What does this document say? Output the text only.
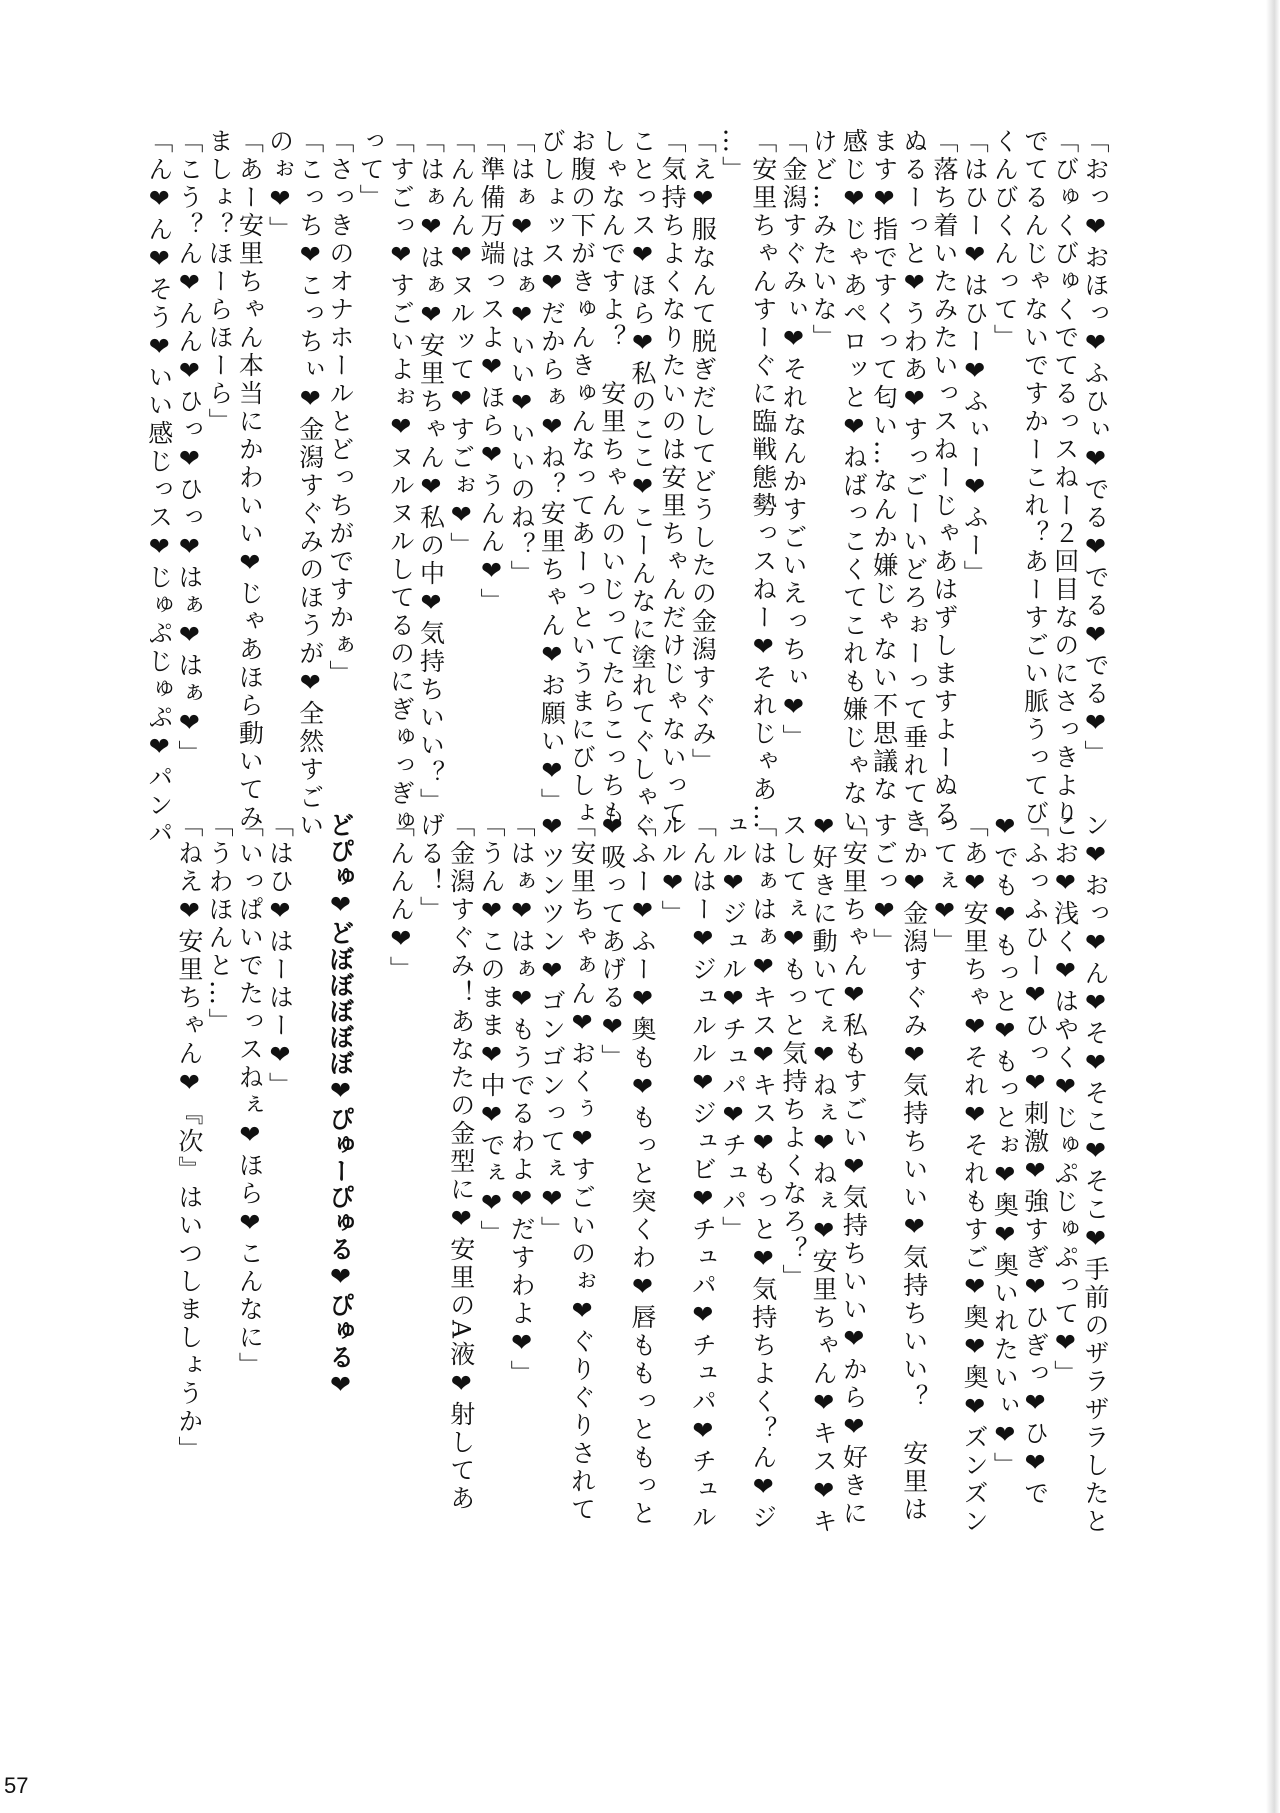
「おっ❤おほっ❤ふひぃ❤でる❤でる❤でる❤」
「びゅくびゅくでてるっスねー２回目なのにさっきより
でてるんじゃないですかーこれ？あーすごい脈うってび
くんびくんって」
「はひー❤はひー❤ふぃー❤ふー」
「落ち着いたみたいっスねーじゃあはずしますよーぬる
ぬるーっと❤うわあ❤すっごーいどろぉーって垂れてき
ます❤指ですくって匂い…なんか嫌じゃない不思議な
感じ❤じゃあペロッと❤ねばっこくてこれも嫌じゃない
けど…みたいな」
「金潟すぐみぃ❤それなんかすごいえっちぃ❤」
「安里ちゃんすーぐに臨戦態勢っスねー❤それじゃあ…
…」
「え❤服なんて脱ぎだしてどうしたの金潟すぐみ」
「気持ちよくなりたいのは安里ちゃんだけじゃないって
ことっス❤ほら❤私のここ❤こーんなに塗れてぐしゃぐ
しゃなんですよ？　安里ちゃんのいじってたらこっちも
お腹の下がきゅんきゅんなってあーっというまにびしょ
びしょッス❤だからぁ❤ね？安里ちゃん❤お願い❤」
「はぁ❤はぁ❤いい❤いいのね？」
「準備万端っスよ❤ほら❤うんん❤」
「んんん❤ヌルッて❤すごぉ❤」
「はぁ❤はぁ❤安里ちゃん❤私の中❤気持ちいい？」
「すごっ❤すごいよぉ❤ヌルヌルしてるのにぎゅっぎゅ
って」
「さっきのオナホールとどっちがですかぁ」
「こっち❤こっちぃ❤金潟すぐみのほうが❤全然すごい
のぉ❤」
「あー安里ちゃん本当にかわいい❤じゃあほら動いてみ
ましょ？ほーらほーら」
「こう？ん❤んん❤ひっ❤ひっ❤はぁ❤はぁ❤」
「ん❤ん❤そう❤いい感じっス❤じゅぷじゅぷ❤パンパ
ン❤おっ❤ん❤そ❤そこ❤そこ❤手前のザラザラしたと
こお❤浅く❤はやく❤じゅぷじゅぷって❤」
「ふっふひー❤ひっ❤刺激❤強すぎ❤ひぎっ❤ひ❤で
❤でも❤もっと❤もっとぉ❤奥❤奥いれたいぃ❤」
「あ❤安里ちゃ❤それ❤それもすご❤奥❤奥❤ズンズン
ってぇ❤」
「か❤金潟すぐみ❤気持ちいい❤気持ちいい？　安里は
すごっ❤」
「安里ちゃん❤私もすごい❤気持ちいい❤から❤好きに
❤好きに動いてぇ❤ねぇ❤ねぇ❤安里ちゃん❤キス❤キ
スしてぇ❤もっと気持ちよくなろ？」
「はぁはぁ❤キス❤キス❤もっと❤気持ちよく？ん❤ジ
ュル❤ジュル❤チュパ❤チュパ」
「んはー❤ジュルル❤ジュビ❤チュパ❤チュパ❤チュル
ルル❤」
「ふー❤ふー❤奥も❤もっと突くわ❤唇ももっともっと
❤吸ってあげる❤」
「安里ちゃぁん❤おくぅ❤すごいのぉ❤ぐりぐりされて
❤ツンツン❤ゴンゴンってぇ❤」
「はぁ❤はぁ❤もうでるわよ❤だすわよ❤」
「うん❤このまま❤中❤でぇ❤」
「金潟すぐみ！あなたの金型に❤安里のA液❤射してあ
げる！」
「んんん❤」

どぴゅ❤どぼぼぼぼぼ❤ぴゅーぴゅる❤ぴゅる❤

「はひ❤はーはー❤」
「いっぱいでたっスねぇ❤ほら❤こんなに」
「うわほんと…」
「ねえ❤安里ちゃん❤『次』はいつしましょうか」
57
